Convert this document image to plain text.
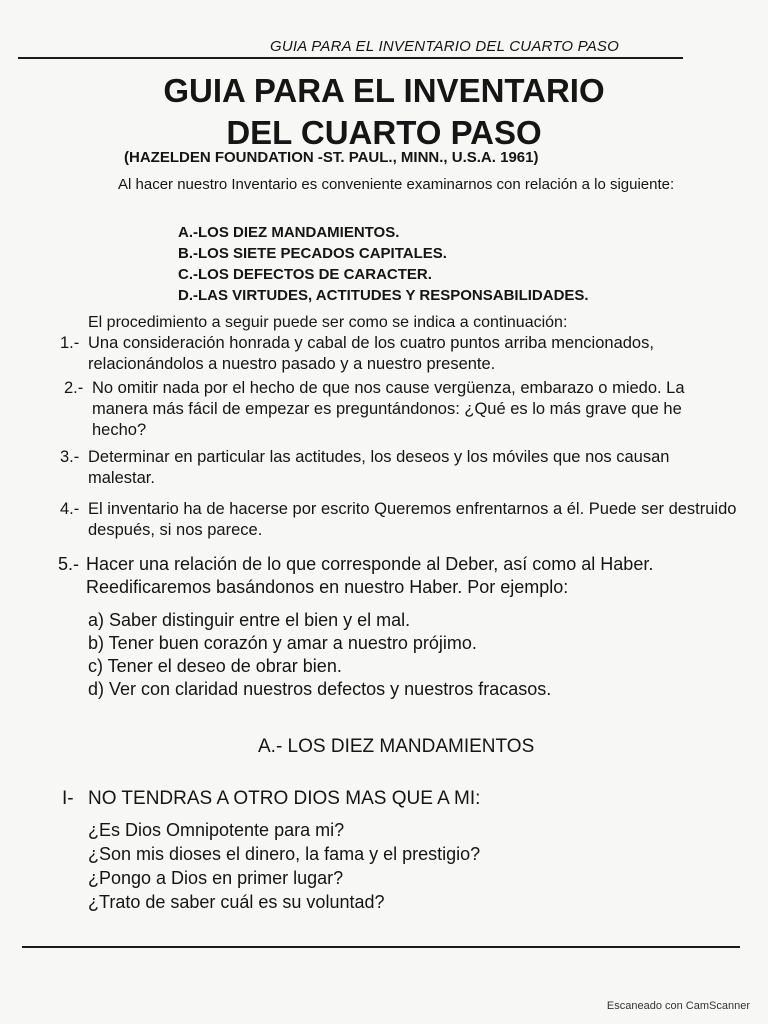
GUIA PARA EL INVENTARIO DEL CUARTO PASO
GUIA PARA EL INVENTARIO
DEL CUARTO PASO
(HAZELDEN FOUNDATION -ST. PAUL., MINN., U.S.A. 1961)
Al hacer nuestro Inventario es conveniente examinarnos con relación a lo siguiente:
A.-LOS DIEZ MANDAMIENTOS.
B.-LOS SIETE PECADOS CAPITALES.
C.-LOS DEFECTOS DE CARACTER.
D.-LAS VIRTUDES, ACTITUDES Y RESPONSABILIDADES.
El procedimiento a seguir puede ser como se indica a continuación:
1.- Una consideración honrada y cabal de los cuatro puntos arriba mencionados, relacionándolos a nuestro pasado y a nuestro presente.
2.- No omitir nada por el hecho de que nos cause vergüenza, embarazo o miedo. La manera más fácil de empezar es preguntándonos: ¿Qué es lo más grave que he hecho?
3.- Determinar en particular las actitudes, los deseos y los móviles que nos causan malestar.
4.- El inventario ha de hacerse por escrito Queremos enfrentarnos a él. Puede ser destruido después, si nos parece.
5.- Hacer una relación de lo que corresponde al Deber, así como al Haber. Reedificaremos basándonos en nuestro Haber. Por ejemplo:
a) Saber distinguir entre el bien y el mal.
b) Tener buen corazón y amar a nuestro prójimo.
c) Tener el deseo de obrar bien.
d) Ver con claridad nuestros defectos y nuestros fracasos.
A.- LOS DIEZ MANDAMIENTOS
I- NO TENDRAS A OTRO DIOS MAS QUE A MI:
¿Es Dios Omnipotente para mi?
¿Son mis dioses el dinero, la fama y el prestigio?
¿Pongo a Dios en primer lugar?
¿Trato de saber cuál es su voluntad?
Escaneado con CamScanner
